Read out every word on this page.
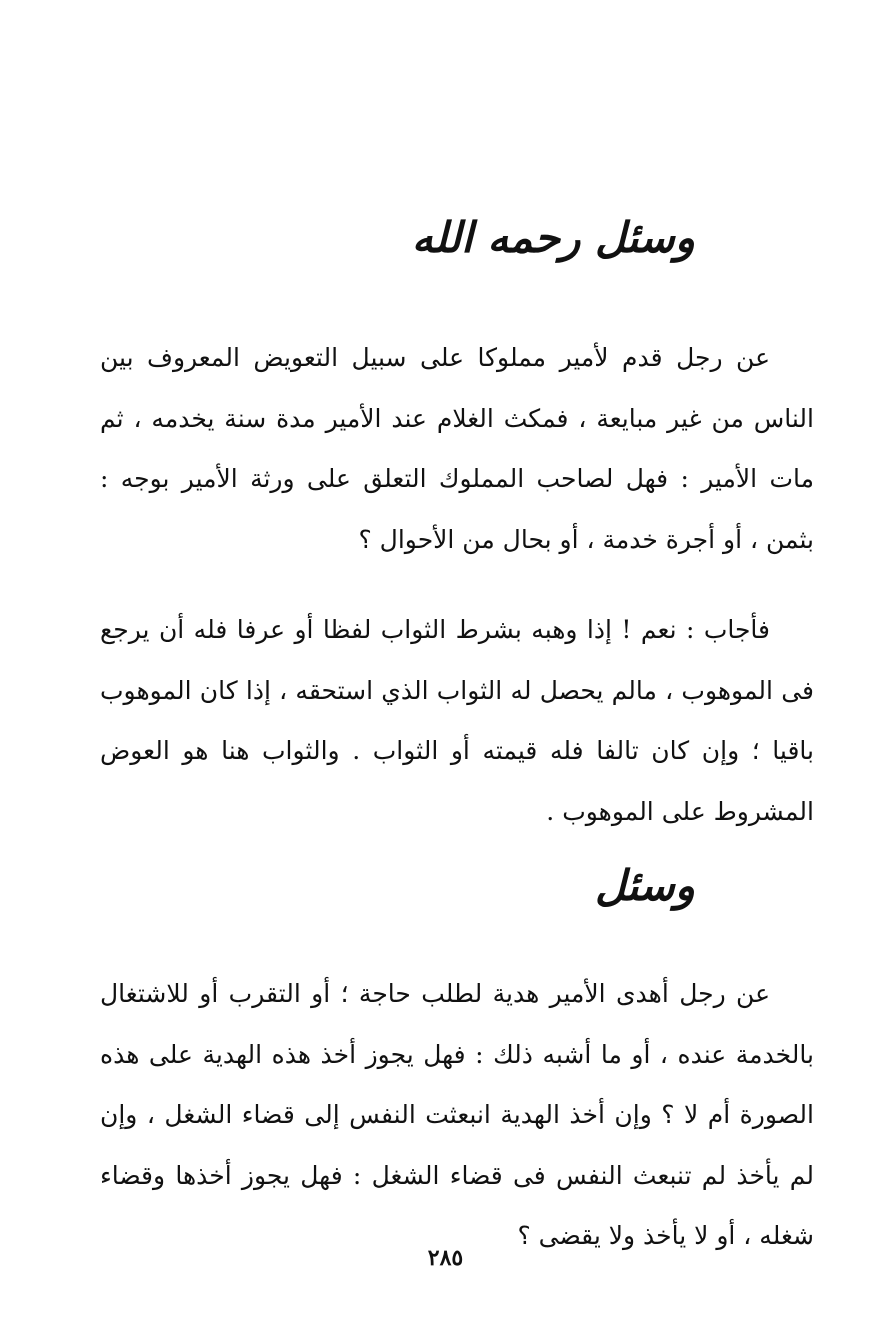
وسئل رحمه الله

عن رجل قدم لأمير مملوكا على سبيل التعويض المعروف بين الناس من غير مبايعة ، فمكث الغلام عند الأمير مدة سنة يخدمه ، ثم مات الأمير : فهل لصاحب المملوك التعلق على ورثة الأمير بوجه : بثمن ، أو أجرة خدمة ، أو بحال من الأحوال ؟

فأجاب : نعم ! إذا وهبه بشرط الثواب لفظا أو عرفا فله أن يرجع فى الموهوب ، مالم يحصل له الثواب الذي استحقه ، إذا كان الموهوب باقيا ؛ وإن كان تالفا فله قيمته أو الثواب . والثواب هنا هو العوض المشروط على الموهوب .

وسئل

عن رجل أهدى الأمير هدية لطلب حاجة ؛ أو التقرب أو للاشتغال بالخدمة عنده ، أو ما أشبه ذلك : فهل يجوز أخذ هذه الهدية على هذه الصورة أم لا ؟ وإن أخذ الهدية انبعثت النفس إلى قضاء الشغل ، وإن لم يأخذ لم تنبعث النفس فى قضاء الشغل : فهل يجوز أخذها وقضاء شغله ، أو لا يأخذ ولا يقضى ؟

٢٨٥
